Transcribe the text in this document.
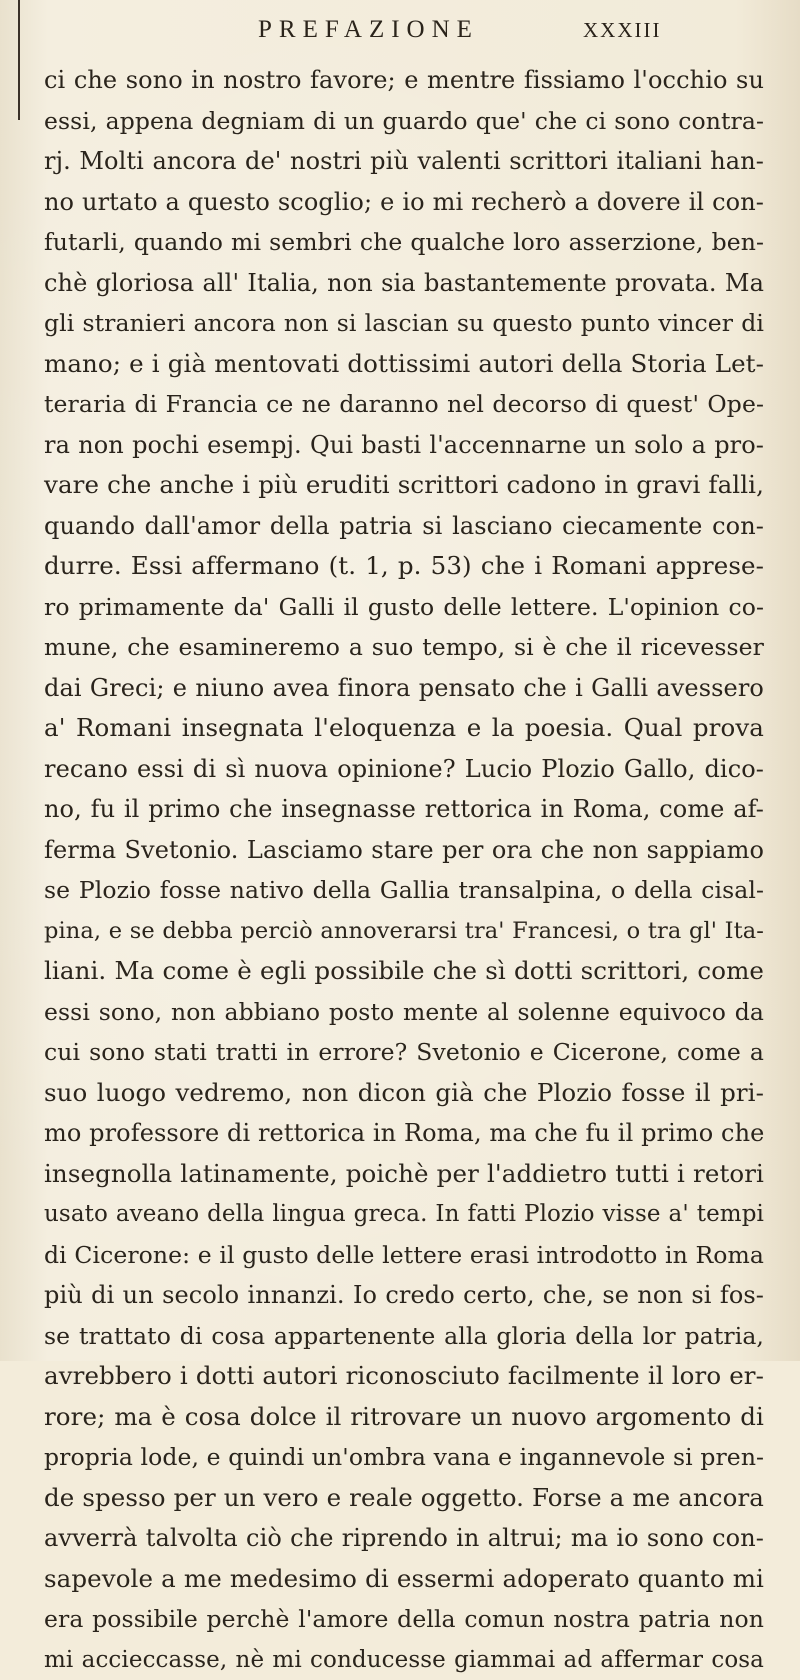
PREFAZIONE	XXXIII
ci che sono in nostro favore; e mentre fissiamo l'occhio su
essi, appena degniam di un guardo que' che ci sono contra-
rj. Molti ancora de' nostri più valenti scrittori italiani han-
no urtato a questo scoglio; e io mi recherò a dovere il con-
futarli, quando mi sembri che qualche loro asserzione, ben-
chè gloriosa all' Italia, non sia bastantemente provata. Ma
gli stranieri ancora non si lascian su questo punto vincer di
mano; e i già mentovati dottissimi autori della Storia Let-
teraria di Francia ce ne daranno nel decorso di quest' Ope-
ra non pochi esempj. Qui basti l'accennarne un solo a pro-
vare che anche i più eruditi scrittori cadono in gravi falli,
quando dall'amor della patria si lasciano ciecamente con-
durre. Essi affermano (t. 1, p. 53) che i Romani apprese-
ro primamente da' Galli il gusto delle lettere. L'opinion co-
mune, che esamineremo a suo tempo, si è che il ricevesser
dai Greci; e niuno avea finora pensato che i Galli avessero
a' Romani insegnata l'eloquenza e la poesia. Qual prova
recano essi di sì nuova opinione? Lucio Plozio Gallo, dico-
no, fu il primo che insegnasse rettorica in Roma, come af-
ferma Svetonio. Lasciamo stare per ora che non sappiamo
se Plozio fosse nativo della Gallia transalpina, o della cisal-
pina, e se debba perciò annoverarsi tra' Francesi, o tra gl' Ita-
liani. Ma come è egli possibile che sì dotti scrittori, come
essi sono, non abbiano posto mente al solenne equivoco da
cui sono stati tratti in errore? Svetonio e Cicerone, come a
suo luogo vedremo, non dicon già che Plozio fosse il pri-
mo professore di rettorica in Roma, ma che fu il primo che
insegnolla latinamente, poichè per l'addietro tutti i retori
usato aveano della lingua greca. In fatti Plozio visse a' tempi
di Cicerone: e il gusto delle lettere erasi introdotto in Roma
più di un secolo innanzi. Io credo certo, che, se non si fos-
se trattato di cosa appartenente alla gloria della lor patria,
avrebbero i dotti autori riconosciuto facilmente il loro er-
rore; ma è cosa dolce il ritrovare un nuovo argomento di
propria lode, e quindi un'ombra vana e ingannevole si pren-
de spesso per un vero e reale oggetto. Forse a me ancora
avverrà talvolta ciò che riprendo in altrui; ma io sono con-
sapevole a me medesimo di essermi adoperato quanto mi
era possibile perchè l'amore della comun nostra patria non
mi accieccasse, nè mi conducesse giammai ad affermar cosa
